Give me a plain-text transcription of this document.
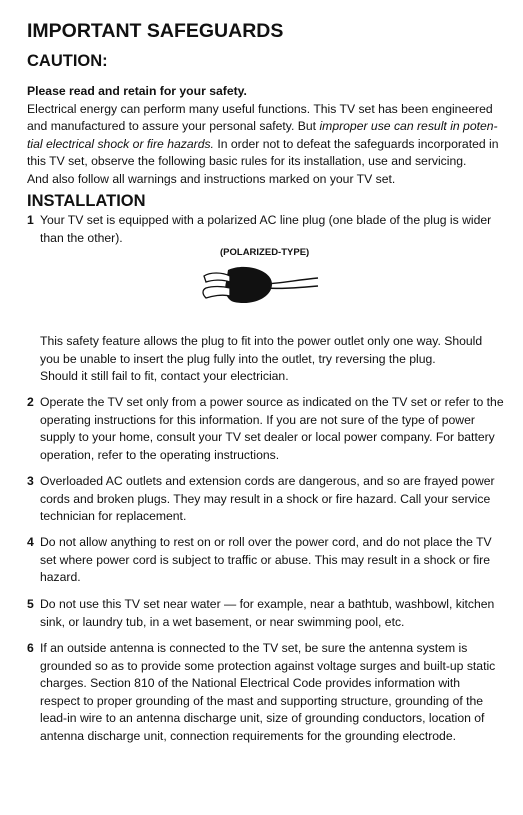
IMPORTANT SAFEGUARDS
CAUTION:
Please read and retain for your safety.
Electrical energy can perform many useful functions. This TV set has been engineered
and manufactured to assure your personal safety. But improper use can result in poten-
tial electrical shock or fire hazards. In order not to defeat the safeguards incorporated in
this TV set, observe the following basic rules for its installation, use and servicing.
And also follow all warnings and instructions marked on your TV set.
INSTALLATION
1 Your TV set is equipped with a polarized AC line plug (one blade of the plug is wider
than the other).
(POLARIZED-TYPE)
This safety feature allows the plug to fit into the power outlet only one way. Should
you be unable to insert the plug fully into the outlet, try reversing the plug.
Should it still fail to fit, contact your electrician.
2 Operate the TV set only from a power source as indicated on the TV set or refer to the
operating instructions for this information. If you are not sure of the type of power
supply to your home, consult your TV set dealer or local power company. For battery
operation, refer to the operating instructions.
3 Overloaded AC outlets and extension cords are dangerous, and so are frayed power
cords and broken plugs. They may result in a shock or fire hazard. Call your service
technician for replacement.
4 Do not allow anything to rest on or roll over the power cord, and do not place the TV
set where power cord is subject to traffic or abuse. This may result in a shock or fire
hazard.
5 Do not use this TV set near water — for example, near a bathtub, washbowl, kitchen
sink, or laundry tub, in a wet basement, or near swimming pool, etc.
6 If an outside antenna is connected to the TV set, be sure the antenna system is
grounded so as to provide some protection against voltage surges and built-up static
charges. Section 810 of the National Electrical Code provides information with
respect to proper grounding of the mast and supporting structure, grounding of the
lead-in wire to an antenna discharge unit, size of grounding conductors, location of
antenna discharge unit, connection requirements for the grounding electrode.
